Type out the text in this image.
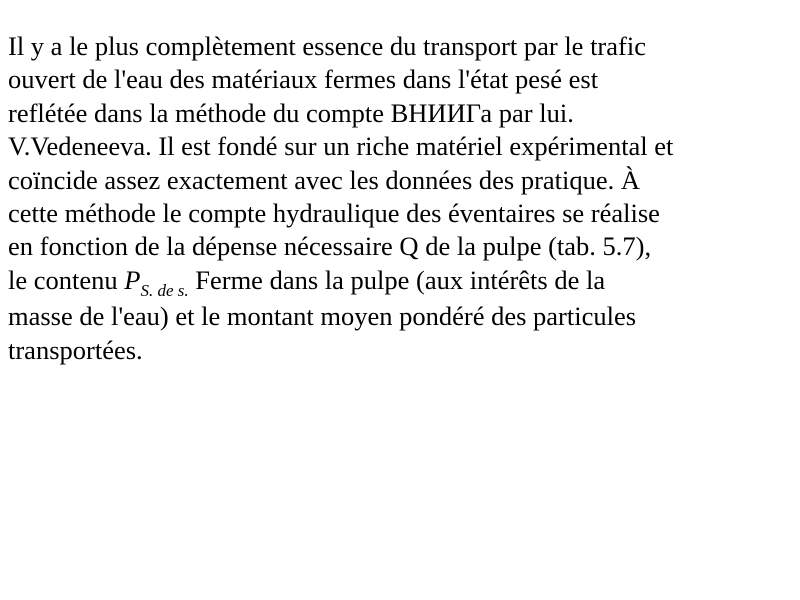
Il y a le plus complètement essence du transport par le trafic
ouvert de l'eau des matériaux fermes dans l'état pesé est
reflétée dans la méthode du compte ВНИИГа par lui.
V.Vedeneeva. Il est fondé sur un riche matériel expérimental et
coïncide assez exactement avec les données des pratique. À
cette méthode le compte hydraulique des éventaires se réalise
en fonction de la dépense nécessaire Q de la pulpe (tab. 5.7),
le contenu $P_{S. de s.}$ Ferme dans la pulpe (aux intérêts de la
masse de l'eau) et le montant moyen pondéré des particules
transportées.
